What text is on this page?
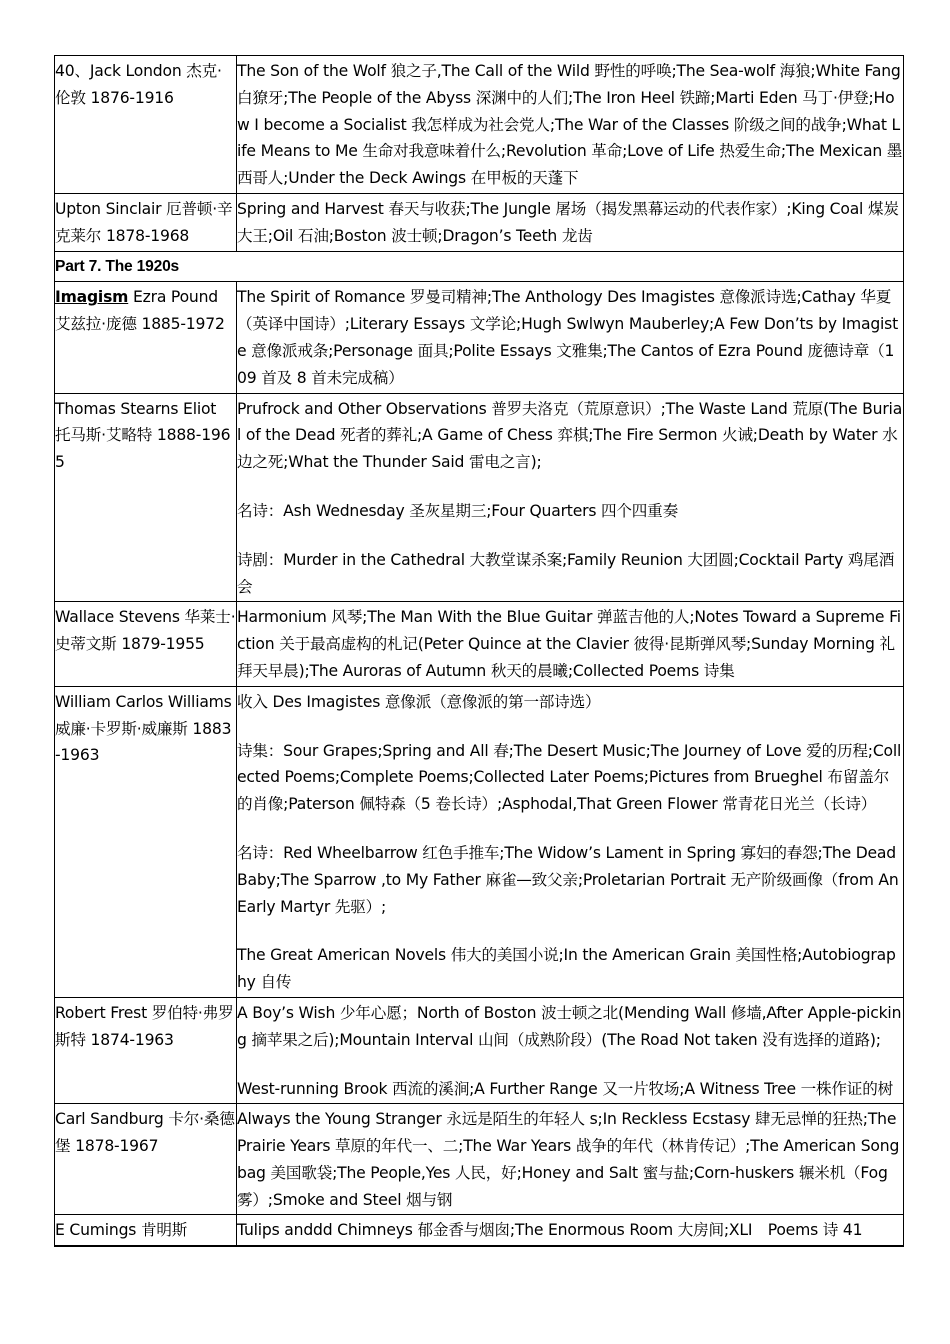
40、Jack London 杰克·伦敦 1876-1916	The Son of the Wolf 狼之子,The Call of the Wild 野性的呼唤;The Sea-wolf 海狼;White Fang 白獠牙;The People of the Abyss 深渊中的人们;The Iron Heel 铁蹄;Marti Eden 马丁·伊登;How I become a Socialist 我怎样成为社会党人;The War of the Classes 阶级之间的战争;What Life Means to Me 生命对我意味着什么;Revolution 革命;Love of Life 热爱生命;The Mexican 墨西哥人;Under the Deck Awings 在甲板的天蓬下

Upton Sinclair 厄普顿·辛克莱尔 1878-1968	Spring and Harvest 春天与收获;The Jungle 屠场（揭发黑幕运动的代表作家）;King Coal 煤炭大王;Oil 石油;Boston 波士顿;Dragon’s Teeth 龙齿

Part 7. The 1920s	
Imagism Ezra Pound 艾兹拉·庞德 1885-1972	The Spirit of Romance 罗曼司精神;The Anthology Des Imagistes 意像派诗选;Cathay 华夏（英译中国诗）;Literary Essays 文学论;Hugh Swlwyn Mauberley;A Few Don’ts by Imagiste 意像派戒条;Personage 面具;Polite Essays 文雅集;The Cantos of Ezra Pound 庞德诗章（109 首及 8 首未完成稿）

Thomas Stearns Eliot 托马斯·艾略特 1888-1965	Prufrock and Other Observations 普罗夫洛克（荒原意识）;The Waste Land 荒原(The Burial of the Dead 死者的葬礼;A Game of Chess 弈棋;The Fire Sermon 火诫;Death by Water 水边之死;What the Thunder Said 雷电之言);
名诗：Ash Wednesday 圣灰星期三;Four Quarters 四个四重奏
诗剧：Murder in the Cathedral 大教堂谋杀案;Family Reunion 大团圆;Cocktail Party 鸡尾酒会

Wallace Stevens 华莱士·史蒂文斯 1879-1955	Harmonium 风琴;The Man With the Blue Guitar 弹蓝吉他的人;Notes Toward a Supreme Fiction 关于最高虚构的札记(Peter Quince at the Clavier 彼得·昆斯弹风琴;Sunday Morning 礼拜天早晨);The Auroras of Autumn 秋天的晨曦;Collected Poems 诗集

William Carlos Williams 威廉·卡罗斯·威廉斯 1883-1963	收入 Des Imagistes 意像派（意像派的第一部诗选）
诗集：Sour Grapes;Spring and All 春;The Desert Music;The Journey of Love 爱的历程;Collected Poems;Complete Poems;Collected Later Poems;Pictures from Brueghel 布留盖尔的肖像;Paterson 佩特森（5 卷长诗）;Asphodal,That Green Flower 常青花日光兰（长诗）
名诗：Red Wheelbarrow 红色手推车;The Widow’s Lament in Spring 寡妇的春怨;The Dead Baby;The Sparrow ,to My Father 麻雀—致父亲;Proletarian Portrait 无产阶级画像（from An Early Martyr 先驱）;
The Great American Novels 伟大的美国小说;In the American Grain 美国性格;Autobiography 自传

Robert Frest 罗伯特·弗罗斯特 1874-1963	A Boy’s Wish 少年心愿；North of Boston 波士顿之北(Mending Wall 修墙,After Apple-picking 摘苹果之后);Mountain Interval 山间（成熟阶段）(The Road Not taken 没有选择的道路);
West-running Brook 西流的溪涧;A Further Range 又一片牧场;A Witness Tree 一株作证的树

Carl Sandburg 卡尔·桑德堡 1878-1967	Always the Young Stranger 永远是陌生的年轻人 s;In Reckless Ecstasy 肆无忌惮的狂热;The Prairie Years 草原的年代一、二;The War Years 战争的年代（林肯传记）;The American Songbag 美国歌袋;The People,Yes 人民，好;Honey and Salt 蜜与盐;Corn-huskers 辗米机（Fog 雾）;Smoke and Steel 烟与钢

E Cumings 肯明斯	Tulips anddd Chimneys 郁金香与烟囱;The Enormous Room 大房间;XLI　Poems 诗 41
